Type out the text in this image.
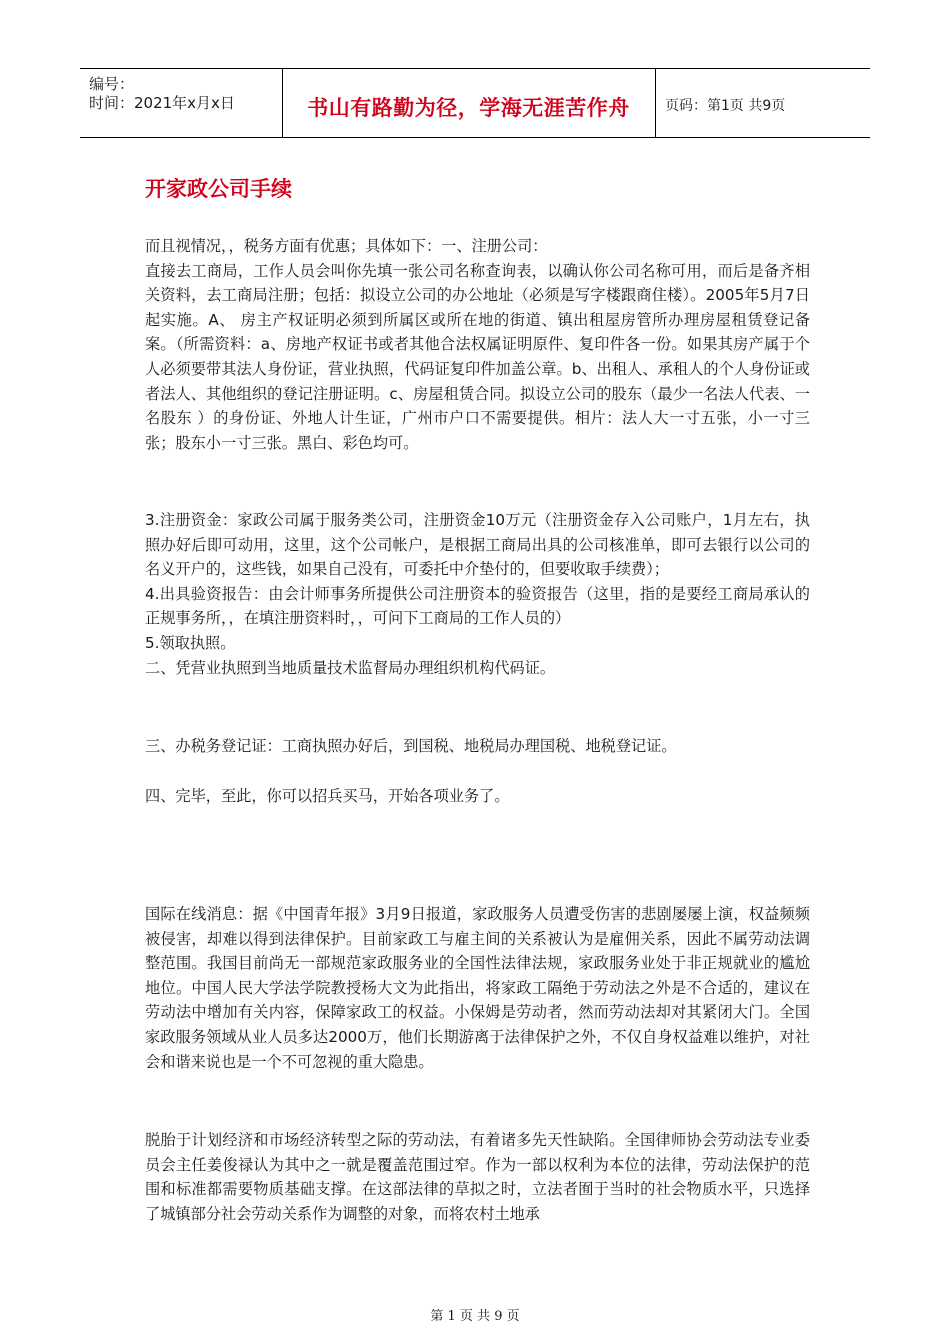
编号：
时间：2021年x月x日	书山有路勤为径，学海无涯苦作舟	页码：第1页 共9页
开家政公司手续

而且视情况，，税务方面有优惠；具体如下：一、注册公司：

直接去工商局，工作人员会叫你先填一张公司名称查询表，以确认你公司名称可用，而后是备齐相关资料，去工商局注册；包括：拟设立公司的办公地址（必须是写字楼跟商住楼）。2005年5月7日起实施。A、 房主产权证明必须到所属区或所在地的街道、镇出租屋房管所办理房屋租赁登记备案。（所需资料：a、房地产权证书或者其他合法权属证明原件、复印件各一份。如果其房产属于个人必须要带其法人身份证，营业执照，代码证复印件加盖公章。b、出租人、承租人的个人身份证或者法人、其他组织的登记注册证明。c、房屋租赁合同。拟设立公司的股东（最少一名法人代表、一名股东 ）的身份证、外地人计生证，广州市户口不需要提供。相片：法人大一寸五张，小一寸三张；股东小一寸三张。黑白、彩色均可。

3.注册资金：家政公司属于服务类公司，注册资金10万元（注册资金存入公司账户，1月左右，执照办好后即可动用，这里，这个公司帐户，是根据工商局出具的公司核准单，即可去银行以公司的名义开户的，这些钱，如果自己没有，可委托中介垫付的，但要收取手续费）；

4.出具验资报告：由会计师事务所提供公司注册资本的验资报告（这里，指的是要经工商局承认的正规事务所，，在填注册资料时，，可问下工商局的工作人员的）

5.领取执照。

二、凭营业执照到当地质量技术监督局办理组织机构代码证。

三、办税务登记证：工商执照办好后，到国税、地税局办理国税、地税登记证。

四、完毕，至此，你可以招兵买马，开始各项业务了。

国际在线消息：据《中国青年报》3月9日报道，家政服务人员遭受伤害的悲剧屡屡上演，权益频频被侵害，却难以得到法律保护。目前家政工与雇主间的关系被认为是雇佣关系，因此不属劳动法调整范围。我国目前尚无一部规范家政服务业的全国性法律法规，家政服务业处于非正规就业的尴尬地位。中国人民大学法学院教授杨大文为此指出，将家政工隔绝于劳动法之外是不合适的，建议在劳动法中增加有关内容，保障家政工的权益。小保姆是劳动者，然而劳动法却对其紧闭大门。全国家政服务领域从业人员多达2000万，他们长期游离于法律保护之外，不仅自身权益难以维护，对社会和谐来说也是一个不可忽视的重大隐患。

脱胎于计划经济和市场经济转型之际的劳动法，有着诸多先天性缺陷。全国律师协会劳动法专业委员会主任姜俊禄认为其中之一就是覆盖范围过窄。作为一部以权利为本位的法律，劳动法保护的范围和标准都需要物质基础支撑。在这部法律的草拟之时，立法者囿于当时的社会物质水平，只选择了城镇部分社会劳动关系作为调整的对象，而将农村土地承

第 1 页 共 9 页
